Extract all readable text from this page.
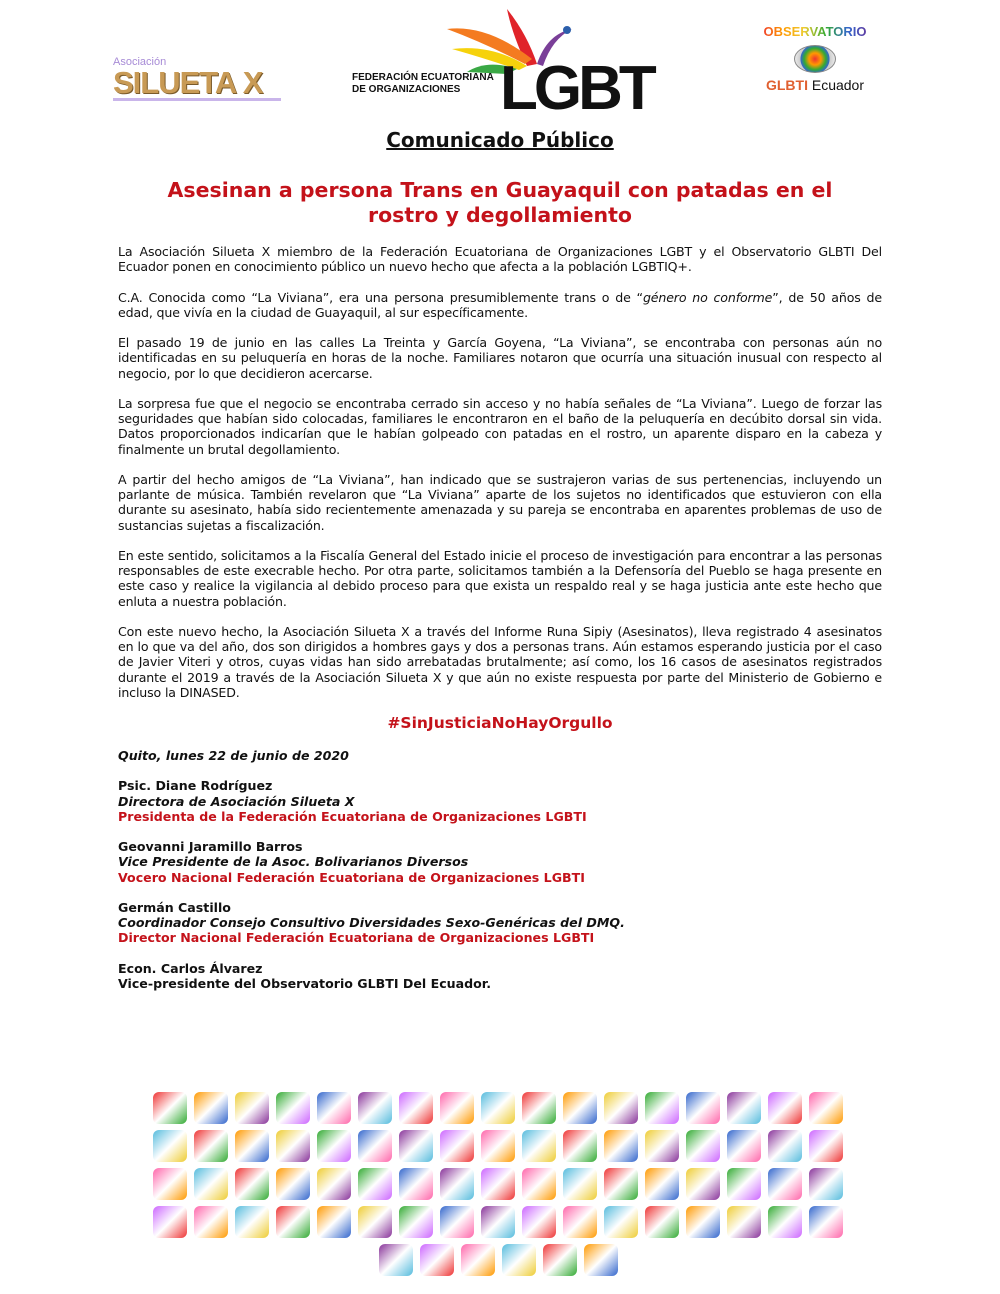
Asociación
SILUETA X	FEDERACIÓN ECUATORIANA
DE ORGANIZACIONES LGBT
OBSERVATORIO
GLBTI Ecuador
Comunicado Público
Asesinan a persona Trans en Guayaquil con patadas en el rostro y degollamiento

La Asociación Silueta X miembro de la Federación Ecuatoriana de Organizaciones LGBT y el Observatorio GLBTI Del Ecuador ponen en conocimiento público un nuevo hecho que afecta a la población LGBTIQ+.

C.A. Conocida como “La Viviana”, era una persona presumiblemente trans o de “género no conforme”, de 50 años de edad, que vivía en la ciudad de Guayaquil, al sur específicamente.

El pasado 19 de junio en las calles La Treinta y García Goyena, “La Viviana”, se encontraba con personas aún no identificadas en su peluquería en horas de la noche. Familiares notaron que ocurría una situación inusual con respecto al negocio, por lo que decidieron acercarse.

La sorpresa fue que el negocio se encontraba cerrado sin acceso y no había señales de “La Viviana”. Luego de forzar las seguridades que habían sido colocadas, familiares le encontraron en el baño de la peluquería en decúbito dorsal sin vida. Datos proporcionados indicarían que le habían golpeado con patadas en el rostro, un aparente disparo en la cabeza y finalmente un brutal degollamiento.

A partir del hecho amigos de “La Viviana”, han indicado que se sustrajeron varias de sus pertenencias, incluyendo un parlante de música. También revelaron que “La Viviana” aparte de los sujetos no identificados que estuvieron con ella durante su asesinato, había sido recientemente amenazada y su pareja se encontraba en aparentes problemas de uso de sustancias sujetas a fiscalización.

En este sentido, solicitamos a la Fiscalía General del Estado inicie el proceso de investigación para encontrar a las personas responsables de este execrable hecho. Por otra parte, solicitamos también a la Defensoría del Pueblo se haga presente en este caso y realice la vigilancia al debido proceso para que exista un respaldo real y se haga justicia ante este hecho que enluta a nuestra población.

Con este nuevo hecho, la Asociación Silueta X a través del Informe Runa Sipiy (Asesinatos), lleva registrado 4 asesinatos en lo que va del año, dos son dirigidos a hombres gays y dos a personas trans. Aún estamos esperando justicia por el caso de Javier Viteri y otros, cuyas vidas han sido arrebatadas brutalmente; así como, los 16 casos de asesinatos registrados durante el 2019 a través de la Asociación Silueta X y que aún no existe respuesta por parte del Ministerio de Gobierno e incluso la DINASED.

#SinJusticiaNoHayOrgullo
Quito, lunes 22 de junio de 2020
Psic. Diane Rodríguez
Directora de Asociación Silueta X
Presidenta de la Federación Ecuatoriana de Organizaciones LGBTI
Geovanni Jaramillo Barros
Vice Presidente de la Asoc. Bolivarianos Diversos
Vocero Nacional Federación Ecuatoriana de Organizaciones LGBTI
Germán Castillo
Coordinador Consejo Consultivo Diversidades Sexo-Genéricas del DMQ.
Director Nacional Federación Ecuatoriana de Organizaciones LGBTI
Econ. Carlos Álvarez
Vice-presidente del Observatorio GLBTI Del Ecuador.
